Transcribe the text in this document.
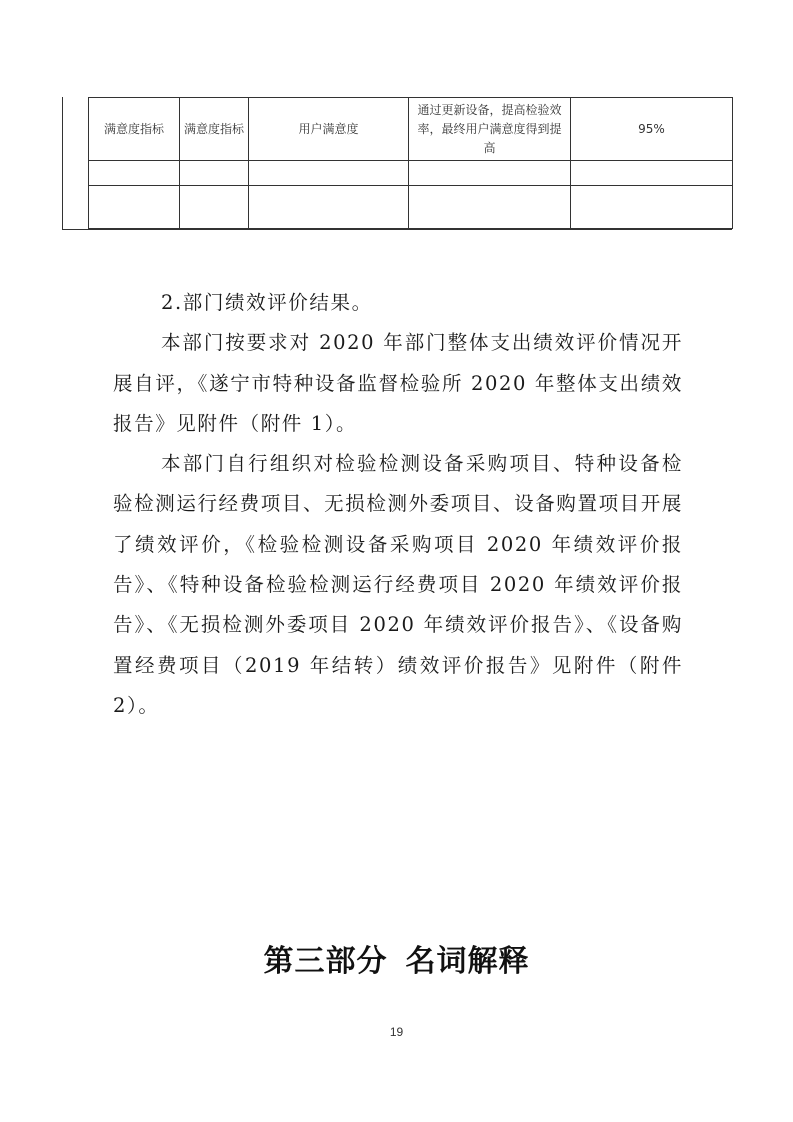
满意度指标	满意度指标	用户满意度	通过更新设备，提高检验效率，最终用户满意度得到提高	95%

2.部门绩效评价结果。

本部门按要求对 2020 年部门整体支出绩效评价情况开展自评，《遂宁市特种设备监督检验所 2020 年整体支出绩效报告》见附件（附件 1）。

本部门自行组织对检验检测设备采购项目、特种设备检验检测运行经费项目、无损检测外委项目、设备购置项目开展了绩效评价，《检验检测设备采购项目 2020 年绩效评价报告》、《特种设备检验检测运行经费项目 2020 年绩效评价报告》、《无损检测外委项目 2020 年绩效评价报告》、《设备购置经费项目（2019 年结转）绩效评价报告》见附件（附件 2）。

第三部分 名词解释
19
